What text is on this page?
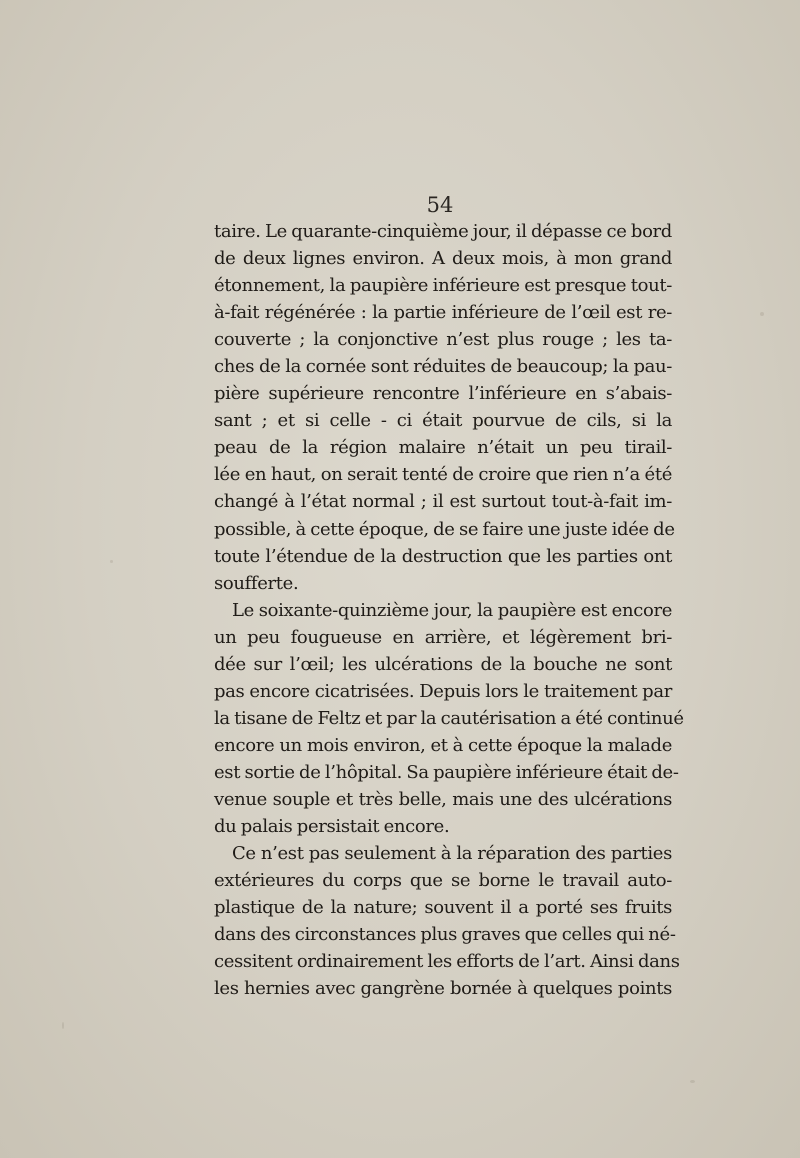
54
taire. Le quarante-cinquième jour, il dépasse ce bord
de deux lignes environ. A deux mois, à mon grand
étonnement, la paupière inférieure est presque tout-
à-fait régénérée : la partie inférieure de l’œil est re-
couverte ; la conjonctive n’est plus rouge ; les ta-
ches de la cornée sont réduites de beaucoup; la pau-
pière supérieure rencontre l’inférieure en s’abais-
sant ; et si celle - ci était pourvue de cils, si la
peau de la région malaire n’était un peu tirail-
lée en haut, on serait tenté de croire que rien n’a été
changé à l’état normal ; il est surtout tout-à-fait im-
possible, à cette époque, de se faire une juste idée de
toute l’étendue de la destruction que les parties ont
soufferte.
Le soixante-quinzième jour, la paupière est encore
un peu fougueuse en arrière, et légèrement bri-
dée sur l’œil; les ulcérations de la bouche ne sont
pas encore cicatrisées. Depuis lors le traitement par
la tisane de Feltz et par la cautérisation a été continué
encore un mois environ, et à cette époque la malade
est sortie de l’hôpital. Sa paupière inférieure était de-
venue souple et très belle, mais une des ulcérations
du palais persistait encore.
Ce n’est pas seulement à la réparation des parties
extérieures du corps que se borne le travail auto-
plastique de la nature; souvent il a porté ses fruits
dans des circonstances plus graves que celles qui né-
cessitent ordinairement les efforts de l’art. Ainsi dans
les hernies avec gangrène bornée à quelques points
